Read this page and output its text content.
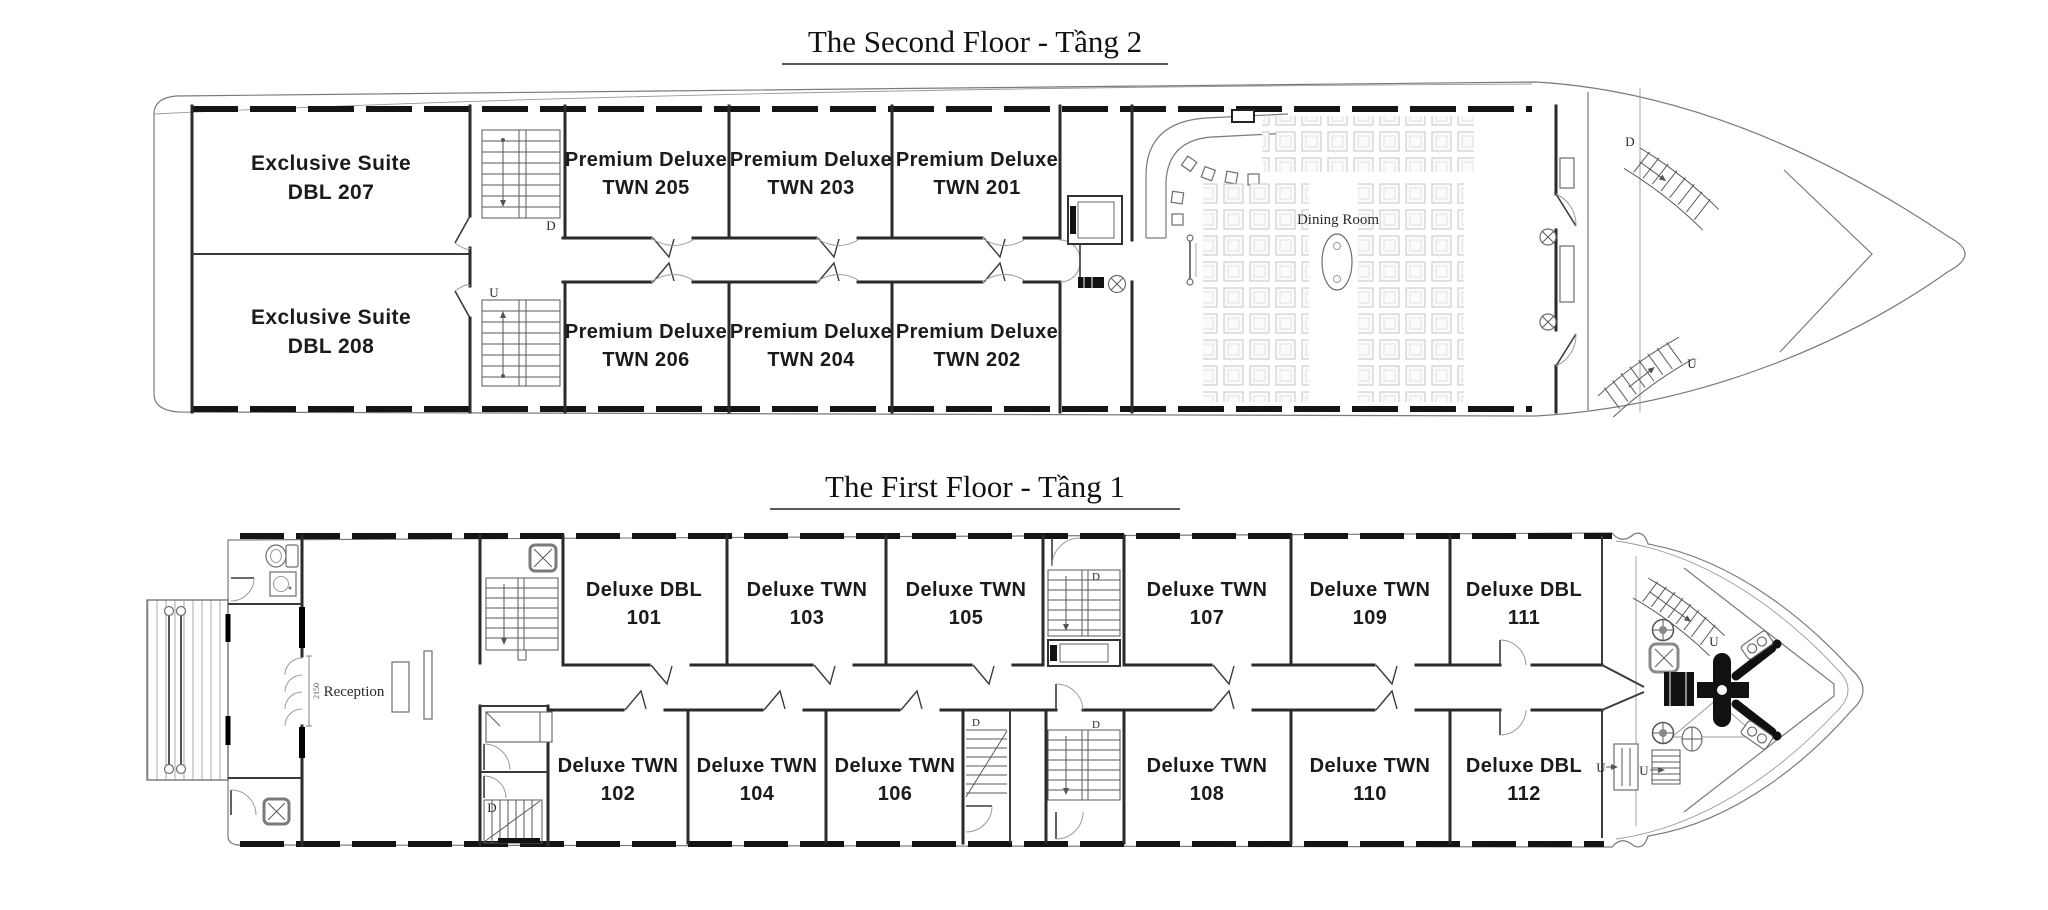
The Second Floor - Tầng 2
D
U
Exclusive Suite
DBL 207
Exclusive Suite
DBL 208
Premium Deluxe
TWN 205
Premium Deluxe
TWN 203
Premium Deluxe
TWN 201
Premium Deluxe
TWN 206
Premium Deluxe
TWN 204
Premium Deluxe
TWN 202
Dining Room
D
U
The First Floor - Tầng 1
2150 Reception
D
D
D	D
U
Deluxe DBL
101
Deluxe TWN
103
Deluxe TWN
105
Deluxe TWN
107
Deluxe TWN
109
Deluxe DBL
111
Deluxe TWN
102
Deluxe TWN
104
Deluxe TWN
106
Deluxe TWN
108
Deluxe TWN
110
Deluxe DBL
112
U
U
